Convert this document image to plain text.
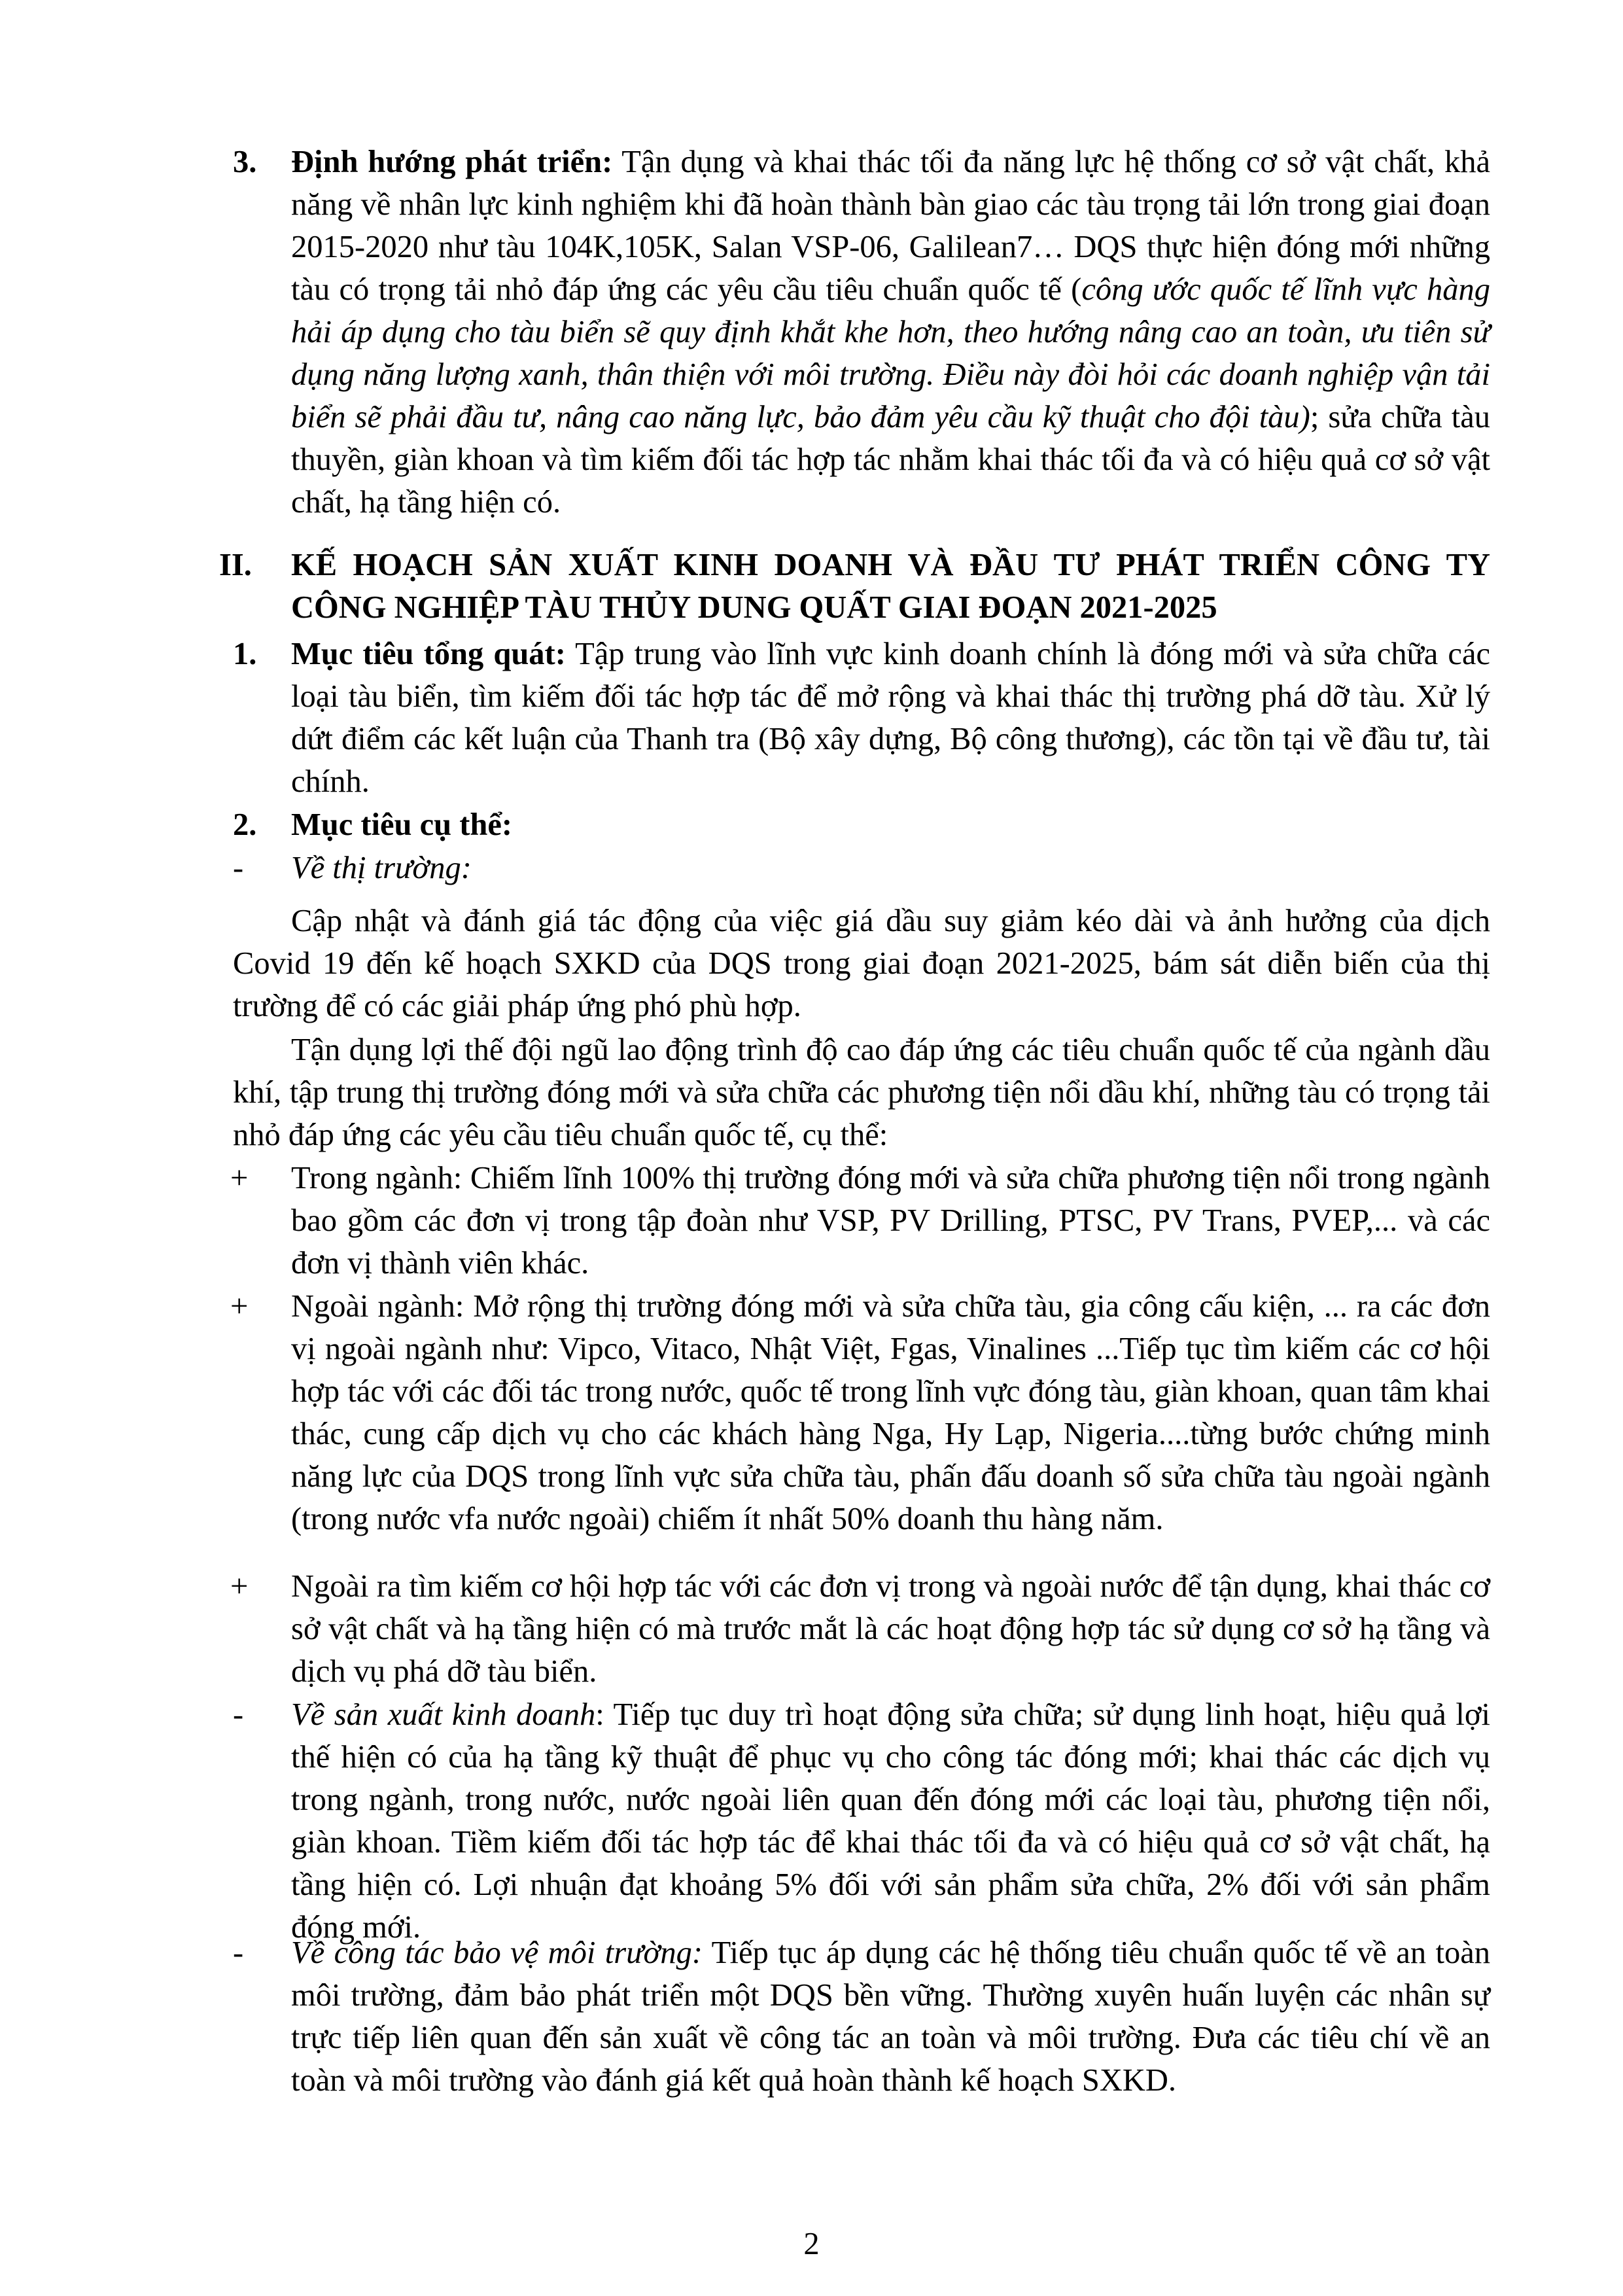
3. Định hướng phát triển: Tận dụng và khai thác tối đa năng lực hệ thống cơ sở vật chất, khả năng về nhân lực kinh nghiệm khi đã hoàn thành bàn giao các tàu trọng tải lớn trong giai đoạn 2015-2020 như tàu 104K,105K, Salan VSP-06, Galilean7… DQS thực hiện đóng mới những tàu có trọng tải nhỏ đáp ứng các yêu cầu tiêu chuẩn quốc tế (công ước quốc tế lĩnh vực hàng hải áp dụng cho tàu biển sẽ quy định khắt khe hơn, theo hướng nâng cao an toàn, ưu tiên sử dụng năng lượng xanh, thân thiện với môi trường. Điều này đòi hỏi các doanh nghiệp vận tải biển sẽ phải đầu tư, nâng cao năng lực, bảo đảm yêu cầu kỹ thuật cho đội tàu); sửa chữa tàu thuyền, giàn khoan và tìm kiếm đối tác hợp tác nhằm khai thác tối đa và có hiệu quả cơ sở vật chất, hạ tầng hiện có.
II. KẾ HOẠCH SẢN XUẤT KINH DOANH VÀ ĐẦU TƯ PHÁT TRIỂN CÔNG TY CÔNG NGHIỆP TÀU THỦY DUNG QUẤT GIAI ĐOẠN 2021-2025
1. Mục tiêu tổng quát: Tập trung vào lĩnh vực kinh doanh chính là đóng mới và sửa chữa các loại tàu biển, tìm kiếm đối tác hợp tác để mở rộng và khai thác thị trường phá dỡ tàu. Xử lý dứt điểm các kết luận của Thanh tra (Bộ xây dựng, Bộ công thương), các tồn tại về đầu tư, tài chính.
2. Mục tiêu cụ thể:
- Về thị trường:
Cập nhật và đánh giá tác động của việc giá dầu suy giảm kéo dài và ảnh hưởng của dịch Covid 19 đến kế hoạch SXKD của DQS trong giai đoạn 2021-2025, bám sát diễn biến của thị trường để có các giải pháp ứng phó phù hợp.
Tận dụng lợi thế đội ngũ lao động trình độ cao đáp ứng các tiêu chuẩn quốc tế của ngành dầu khí, tập trung thị trường đóng mới và sửa chữa các phương tiện nổi dầu khí, những tàu có trọng tải nhỏ đáp ứng các yêu cầu tiêu chuẩn quốc tế, cụ thể:
+ Trong ngành: Chiếm lĩnh 100% thị trường đóng mới và sửa chữa phương tiện nổi trong ngành bao gồm các đơn vị trong tập đoàn như VSP, PV Drilling, PTSC, PV Trans, PVEP,... và các đơn vị thành viên khác.
+ Ngoài ngành: Mở rộng thị trường đóng mới và sửa chữa tàu, gia công cấu kiện, ... ra các đơn vị ngoài ngành như: Vipco, Vitaco, Nhật Việt, Fgas, Vinalines ...Tiếp tục tìm kiếm các cơ hội hợp tác với các đối tác trong nước, quốc tế trong lĩnh vực đóng tàu, giàn khoan, quan tâm khai thác, cung cấp dịch vụ cho các khách hàng Nga, Hy Lạp, Nigeria....từng bước chứng minh năng lực của DQS trong lĩnh vực sửa chữa tàu, phấn đấu doanh số sửa chữa tàu ngoài ngành (trong nước vfa nước ngoài) chiếm ít nhất 50% doanh thu hàng năm.
+ Ngoài ra tìm kiếm cơ hội hợp tác với các đơn vị trong và ngoài nước để tận dụng, khai thác cơ sở vật chất và hạ tầng hiện có mà trước mắt là các hoạt động hợp tác sử dụng cơ sở hạ tầng và dịch vụ phá dỡ tàu biển.
- Về sản xuất kinh doanh: Tiếp tục duy trì hoạt động sửa chữa; sử dụng linh hoạt, hiệu quả lợi thế hiện có của hạ tầng kỹ thuật để phục vụ cho công tác đóng mới; khai thác các dịch vụ trong ngành, trong nước, nước ngoài liên quan đến đóng mới các loại tàu, phương tiện nổi, giàn khoan. Tiềm kiếm đối tác hợp tác để khai thác tối đa và có hiệu quả cơ sở vật chất, hạ tầng hiện có. Lợi nhuận đạt khoảng 5% đối với sản phẩm sửa chữa, 2% đối với sản phẩm đóng mới.
- Về công tác bảo vệ môi trường: Tiếp tục áp dụng các hệ thống tiêu chuẩn quốc tế về an toàn môi trường, đảm bảo phát triển một DQS bền vững. Thường xuyên huấn luyện các nhân sự trực tiếp liên quan đến sản xuất về công tác an toàn và môi trường. Đưa các tiêu chí về an toàn và môi trường vào đánh giá kết quả hoàn thành kế hoạch SXKD.
2
